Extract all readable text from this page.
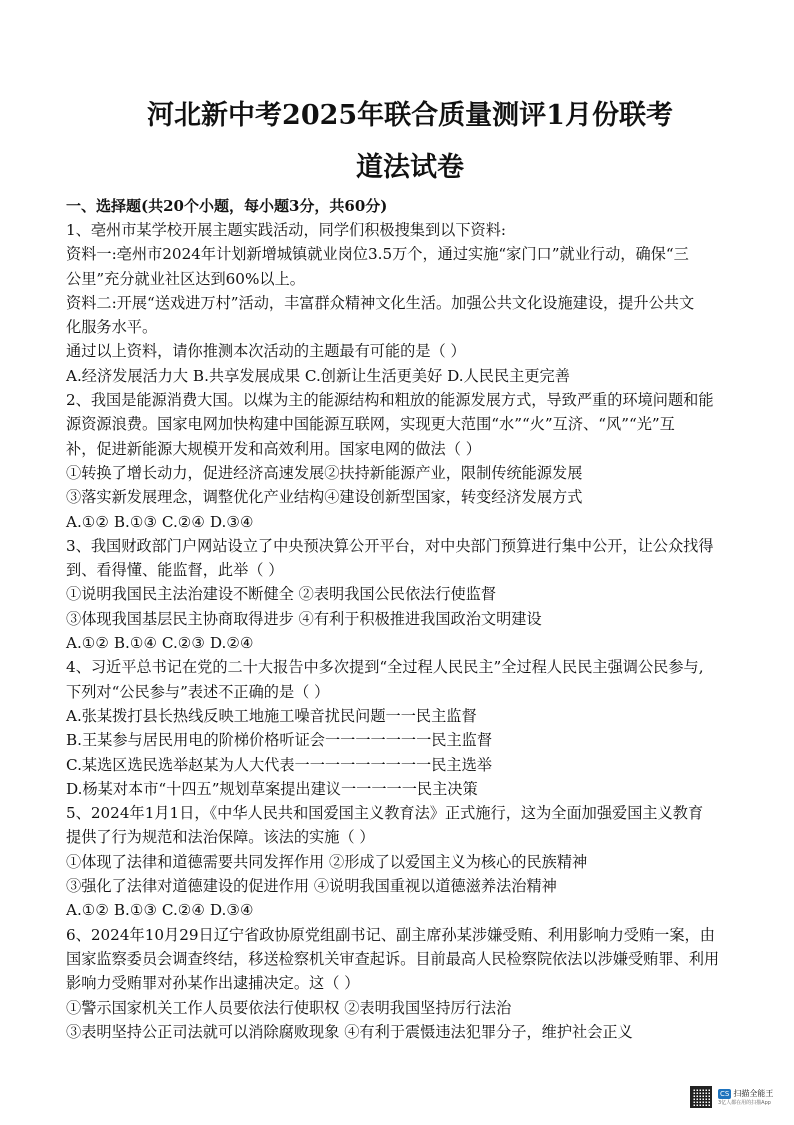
河北新中考2025年联合质量测评1月份联考
道法试卷
一、选择题(共20个小题，每小题3分，共60分)
1、亳州市某学校开展主题实践活动，同学们积极搜集到以下资料:
资料一:亳州市2024年计划新增城镇就业岗位3.5万个，通过实施“家门口”就业行动，确保“三
公里”充分就业社区达到60%以上。
资料二:开展“送戏进万村”活动，丰富群众精神文化生活。加强公共文化设施建设，提升公共文
化服务水平。
通过以上资料，请你推测本次活动的主题最有可能的是（ ）
A.经济发展活力大 B.共享发展成果 C.创新让生活更美好 D.人民民主更完善
2、我国是能源消费大国。以煤为主的能源结构和粗放的能源发展方式，导致严重的环境问题和能
源资源浪费。国家电网加快构建中国能源互联网，实现更大范围“水”“火”互济、“风”“光”互
补，促进新能源大规模开发和高效利用。国家电网的做法（ ）
①转换了增长动力，促进经济高速发展②扶持新能源产业，限制传统能源发展
③落实新发展理念，调整优化产业结构④建设创新型国家，转变经济发展方式
A.①② B.①③ C.②④ D.③④
3、我国财政部门户网站设立了中央预决算公开平台，对中央部门预算进行集中公开，让公众找得
到、看得懂、能监督，此举（ ）
①说明我国民主法治建设不断健全 ②表明我国公民依法行使监督
③体现我国基层民主协商取得进步 ④有利于积极推进我国政治文明建设
A.①② B.①④ C.②③ D.②④
4、习近平总书记在党的二十大报告中多次提到“全过程人民民主”全过程人民民主强调公民参与,
下列对“公民参与”表述不正确的是（ ）
A.张某拨打县长热线反映工地施工噪音扰民问题一一民主监督
B.王某参与居民用电的阶梯价格听证会一一一一一一一民主监督
C.某选区选民选举赵某为人大代表一一一一一一一一一民主选举
D.杨某对本市“十四五”规划草案提出建议一一一一一民主决策
5、2024年1月1日，《中华人民共和国爱国主义教育法》正式施行，这为全面加强爱国主义教育
提供了行为规范和法治保障。该法的实施（ ）
①体现了法律和道德需要共同发挥作用 ②形成了以爱国主义为核心的民族精神
③强化了法律对道德建设的促进作用 ④说明我国重视以道德滋养法治精神
A.①② B.①③ C.②④ D.③④
6、2024年10月29日辽宁省政协原党组副书记、副主席孙某涉嫌受贿、利用影响力受贿一案，由
国家监察委员会调查终结，移送检察机关审查起诉。目前最高人民检察院依法以涉嫌受贿罪、利用
影响力受贿罪对孙某作出逮捕决定。这（ ）
①警示国家机关工作人员要依法行使职权 ②表明我国坚持厉行法治
③表明坚持公正司法就可以消除腐败现象 ④有利于震慑违法犯罪分子，维护社会正义
CS 扫描全能王
3亿人都在用的扫描App
